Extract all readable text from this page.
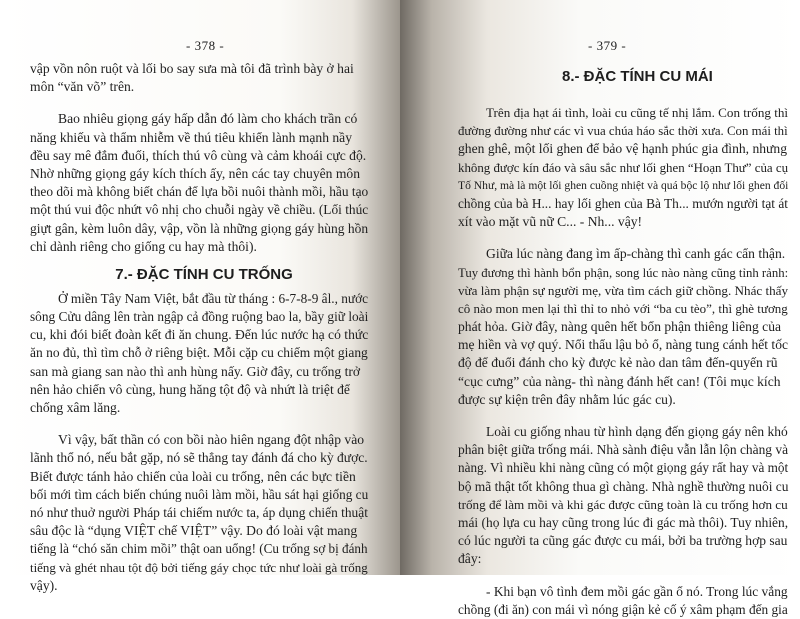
- 378 -
vập vồn nôn ruột và lối bo say sưa mà tôi đã trình bày ở hai
môn “văn võ” trên.
Bao nhiêu giọng gáy hấp dẫn đó làm cho khách trần có
năng khiếu và thẩm nhiễm về thú tiêu khiển lành mạnh nầy
đều say mê đắm đuối, thích thú vô cùng và cảm khoái cực độ.
Nhờ những giọng gáy kích thích ấy, nên các tay chuyên môn
theo dõi mà không biết chán để lựa bồi nuôi thành mồi, hầu tạo
một thú vui độc nhứt vô nhị cho chuỗi ngày về chiều. (Lối thúc
giựt gân, kèm luôn dây, vập, vồn là những giọng gáy hùng hồn
chỉ dành riêng cho giống cu hay mà thôi).
7.- ĐẶC TÍNH CU TRỐNG
Ở miền Tây Nam Việt, bắt đầu từ tháng : 6-7-8-9 âl., nước
sông Cửu dâng lên tràn ngập cả đồng ruộng bao la, bầy giữ loài
cu, khi đói biết đoàn kết đi ăn chung. Đến lúc nước hạ có thức
ăn no đủ, thì tìm chỗ ở riêng biệt. Mỗi cặp cu chiếm một giang
san mà giang san nào thì anh hùng nấy. Giờ đây, cu trống trở
nên hảo chiến vô cùng, hung hăng tột độ và nhứt là triệt để
chống xâm lăng.
Vì vậy, bất thần có con bồi nào hiên ngang đột nhập vào
lãnh thổ nó, nếu bắt gặp, nó sẽ thẳng tay đánh đá cho kỳ được.
Biết được tánh hảo chiến của loài cu trống, nên các bực tiền
bối mới tìm cách biến chúng nuôi làm mồi, hầu sát hại giống cu
nó như thuở người Pháp tái chiếm nước ta, áp dụng chiến thuật
sâu độc là “dụng VIỆT chế VIỆT” vậy. Do đó loài vật mang
tiếng là “chó săn chim mồi” thật oan uổng! (Cu trống sợ bị đánh
tiếng và ghét nhau tột độ bởi tiếng gáy chọc tức như loài gà trống
vậy).
- 379 -
8.- ĐẶC TÍNH CU MÁI
Trên địa hạt ái tình, loài cu cũng tế nhị lắm. Con trống thì
đường đường như các vì vua chúa háo sắc thời xưa. Con mái thì
ghen ghê, một lối ghen để bảo vệ hạnh phúc gia đình, nhưng
không được kín đáo và sâu sắc như lối ghen “Hoạn Thư” của cụ
Tố Như, mà là một lối ghen cuồng nhiệt và quá bộc lộ như lối ghen đối
chồng của bà H... hay lối ghen của Bà Th... mướn người tạt át
xít vào mặt vũ nữ C... - Nh... vậy!
Giữa lúc nàng đang ìm ấp-chàng thì canh gác cẩn thận.
Tuy đương thì hành bổn phận, song lúc nào nàng cũng tỉnh rảnh:
vừa làm phận sự người mẹ, vừa tìm cách giữ chồng. Nhác thấy
cô nào mon men lại thì thỉ to nhỏ với “ba cu tèo”, thì ghè tương
phát hỏa. Giờ đây, nàng quên hết bổn phận thiêng liêng của
mẹ hiền và vợ quý. Nổi thẩu lậu bỏ ổ, nàng tung cánh hết tốc
độ để đuổi đánh cho kỳ được kẻ nào dan tâm đến-quyến rũ
“cục cưng” của nàng- thì nàng đánh hết can! (Tôi mục kích
được sự kiện trên đây nhằm lúc gác cu).
Loài cu giống nhau từ hình dạng đến giọng gáy nên khó
phân biệt giữa trống mái. Nhà sành điệu vẫn lẫn lộn chàng và
nàng. Vì nhiều khi nàng cũng có một giọng gáy rất hay và một
bộ mã thật tốt không thua gì chàng. Nhà nghề thường nuôi cu
trống để làm mồi và khi gác được cũng toàn là cu trống hơn cu
mái (họ lựa cu hay cũng trong lúc đi gác mà thôi). Tuy nhiên,
có lúc người ta cũng gác được cu mái, bởi ba trường hợp sau
đây:
- Khi bạn vô tình đem mồi gác gần ổ nó. Trong lúc vắng
chồng (đi ăn) con mái vì nóng giận kẻ cố ý xâm phạm đến gia
